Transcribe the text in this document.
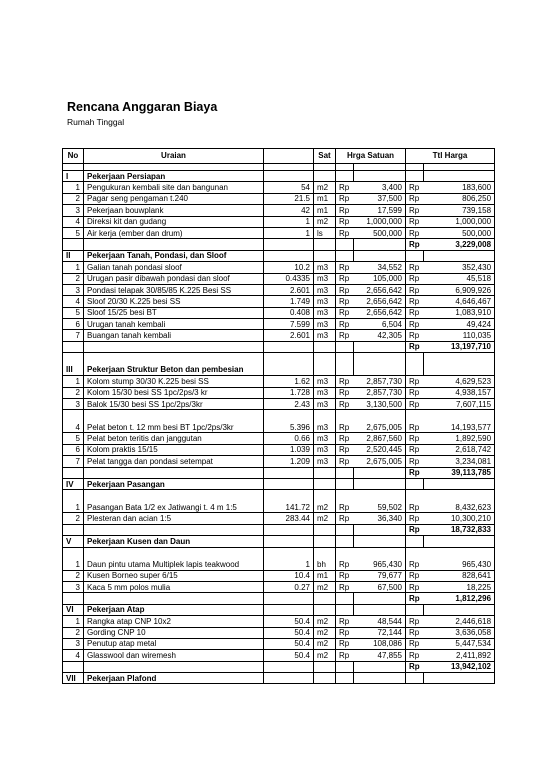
Rencana Anggaran Biaya
Rumah Tinggal
No	Uraian		Sat	Hrga Satuan		Ttl Harga	

I	Pekerjaan Persiapan						
1	Pengukuran kembali site dan bangunan	54	m2	Rp	3,400	Rp	183,600
2	Pagar seng pengaman t.240	21.5	m1	Rp	37,500	Rp	806,250
3	Pekerjaan bouwplank	42	m1	Rp	17,599	Rp	739,158
4	Direksi kit dan gudang	1	m2	Rp	1,000,000	Rp	1,000,000
5	Air kerja (ember dan drum)	1	ls	Rp	500,000	Rp	500,000
						Rp	3,229,008
II	Pekerjaan Tanah, Pondasi, dan Sloof						
1	Galian tanah pondasi sloof	10.2	m3	Rp	34,552	Rp	352,430
2	Urugan pasir dibawah pondasi dan sloof	0.4335	m3	Rp	105,000	Rp	45,518
3	Pondasi telapak 30/85/85 K.225 Besi SS	2.601	m3	Rp	2,656,642	Rp	6,909,926
4	Sloof 20/30 K.225 besi SS	1.749	m3	Rp	2,656,642	Rp	4,646,467
5	Sloof 15/25 besi BT	0.408	m3	Rp	2,656,642	Rp	1,083,910
6	Urugan tanah kembali	7.599	m3	Rp	6,504	Rp	49,424
7	Buangan tanah kembali	2.601	m3	Rp	42,305	Rp	110,035
						Rp	13,197,710
III	Pekerjaan Struktur Beton dan pembesian						
1	Kolom stump 30/30 K.225 besi SS	1.62	m3	Rp	2,857,730	Rp	4,629,523
2	Kolom 15/30 besi SS 1pc/2ps/3 kr	1.728	m3	Rp	2,857,730	Rp	4,938,157
3	Balok 15/30 besi SS 1pc/2ps/3kr	2.43	m3	Rp	3,130,500	Rp	7,607,115
4	Pelat beton t. 12 mm besi BT 1pc/2ps/3kr	5.396	m3	Rp	2,675,005	Rp	14,193,577
5	Pelat beton teritis dan janggutan	0.66	m3	Rp	2,867,560	Rp	1,892,590
6	Kolom praktis 15/15	1.039	m3	Rp	2,520,445	Rp	2,618,742
7	Pelat tangga dan pondasi setempat	1.209	m3	Rp	2,675,005	Rp	3,234,081
						Rp	39,113,785
IV	Pekerjaan Pasangan						
1	Pasangan Bata 1/2 ex Jatiwangi t. 4 m 1:5	141.72	m2	Rp	59,502	Rp	8,432,623
2	Plesteran dan acian 1:5	283.44	m2	Rp	36,340	Rp	10,300,210
						Rp	18,732,833
V	Pekerjaan Kusen dan Daun						
1	Daun pintu utama Multiplek lapis teakwood	1	bh	Rp	965,430	Rp	965,430
2	Kusen Borneo super 6/15	10.4	m1	Rp	79,677	Rp	828,641
3	Kaca 5 mm polos mulia	0.27	m2	Rp	67,500	Rp	18,225
						Rp	1,812,296
VI	Pekerjaan Atap						
1	Rangka atap CNP 10x2	50.4	m2	Rp	48,544	Rp	2,446,618
2	Gording CNP 10	50.4	m2	Rp	72,144	Rp	3,636,058
3	Penutup atap metal	50.4	m2	Rp	108,086	Rp	5,447,534
4	Glasswool dan wiremesh	50.4	m2	Rp	47,855	Rp	2,411,892
						Rp	13,942,102
VII	Pekerjaan Plafond						
